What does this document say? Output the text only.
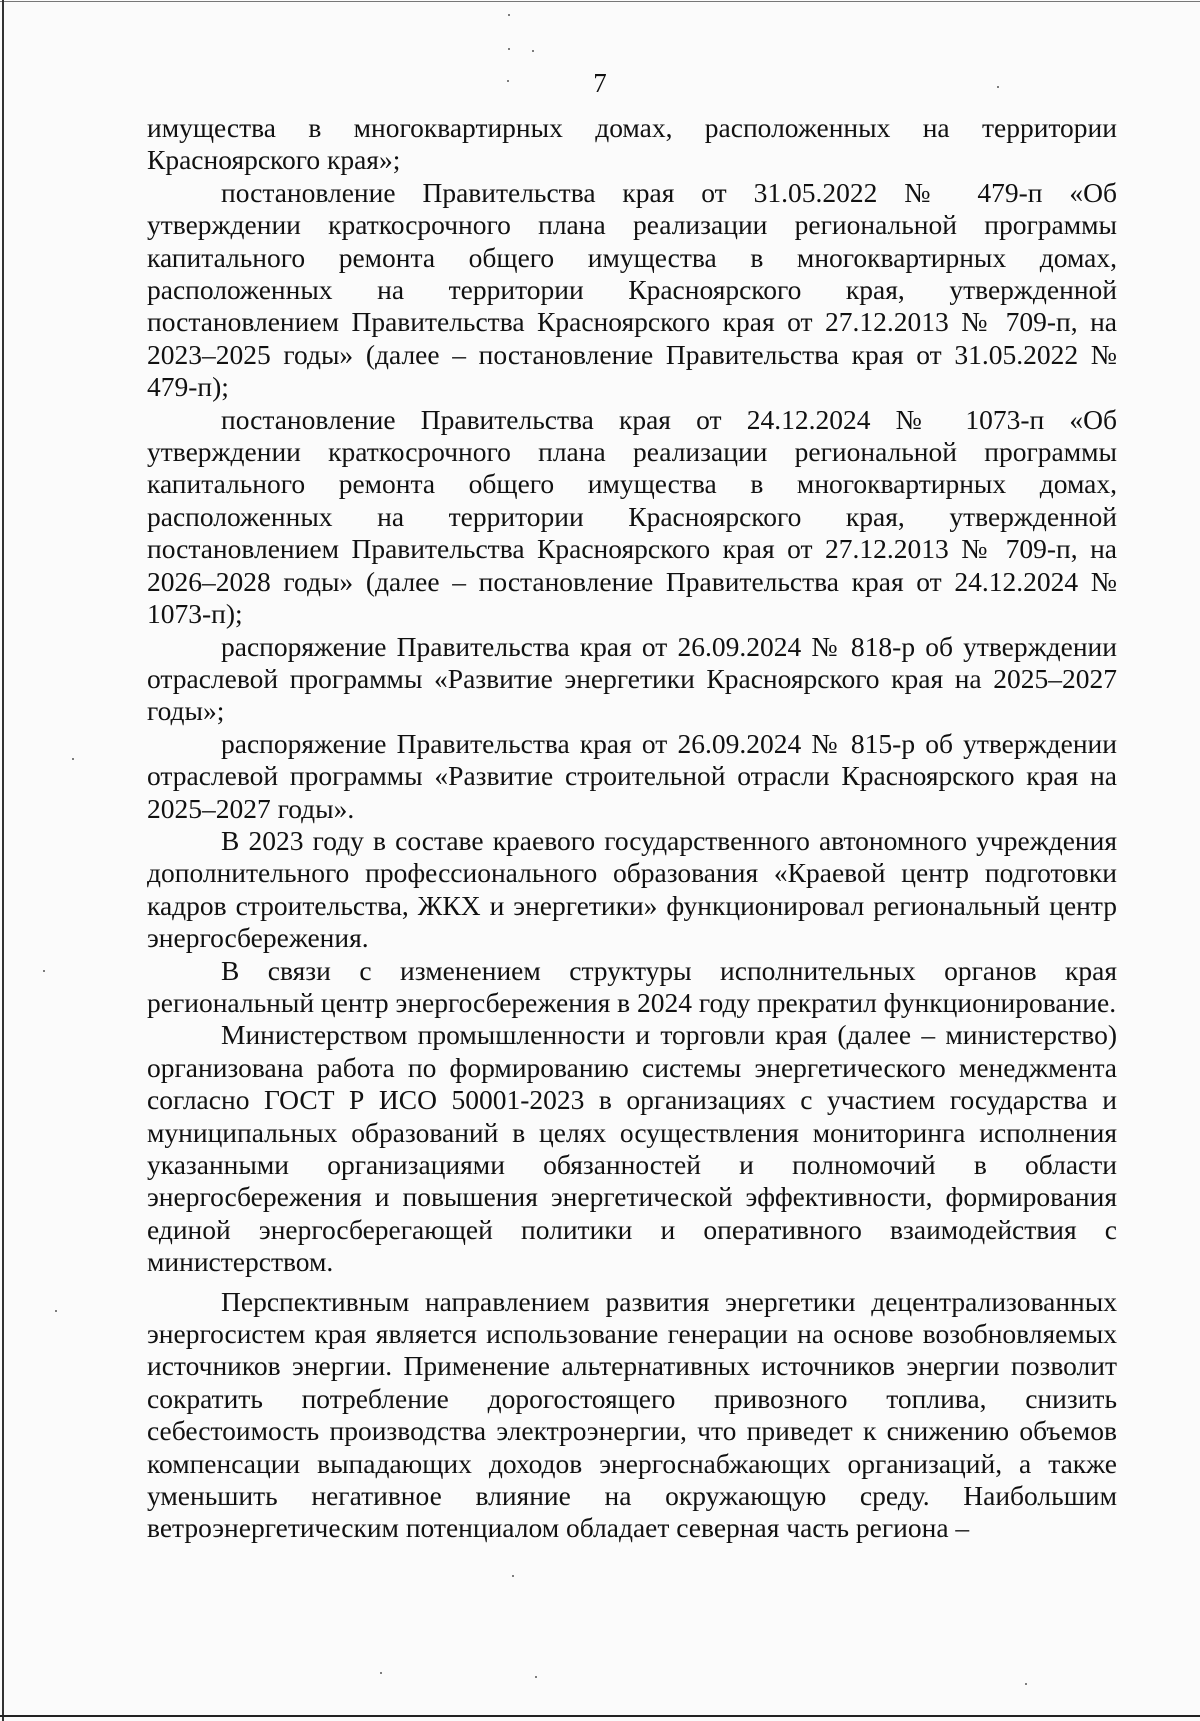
7

имущества в многоквартирных домах, расположенных на территории Красноярского края»;

постановление Правительства края от 31.05.2022 № 479-п «Об утверждении краткосрочного плана реализации региональной программы капитального ремонта общего имущества в многоквартирных домах, расположенных на территории Красноярского края, утвержденной постановлением Правительства Красноярского края от 27.12.2013 № 709-п, на 2023–2025 годы» (далее – постановление Правительства края от 31.05.2022 № 479-п);

постановление Правительства края от 24.12.2024 № 1073-п «Об утверждении краткосрочного плана реализации региональной программы капитального ремонта общего имущества в многоквартирных домах, расположенных на территории Красноярского края, утвержденной постановлением Правительства Красноярского края от 27.12.2013 № 709-п, на 2026–2028 годы» (далее – постановление Правительства края от 24.12.2024 № 1073-п);

распоряжение Правительства края от 26.09.2024 № 818-р об утверждении отраслевой программы «Развитие энергетики Красноярского края на 2025–2027 годы»;

распоряжение Правительства края от 26.09.2024 № 815-р об утверждении отраслевой программы «Развитие строительной отрасли Красноярского края на 2025–2027 годы».

В 2023 году в составе краевого государственного автономного учреждения дополнительного профессионального образования «Краевой центр подготовки кадров строительства, ЖКХ и энергетики» функционировал региональный центр энергосбережения.

В связи с изменением структуры исполнительных органов края региональный центр энергосбережения в 2024 году прекратил функционирование.

Министерством промышленности и торговли края (далее – министерство) организована работа по формированию системы энергетического менеджмента согласно ГОСТ Р ИСО 50001-2023 в организациях с участием государства и муниципальных образований в целях осуществления мониторинга исполнения указанными организациями обязанностей и полномочий в области энергосбережения и повышения энергетической эффективности, формирования единой энергосберегающей политики и оперативного взаимодействия с министерством.

Перспективным направлением развития энергетики децентрализованных энергосистем края является использование генерации на основе возобновляемых источников энергии. Применение альтернативных источников энергии позволит сократить потребление дорогостоящего привозного топлива, снизить себестоимость производства электроэнергии, что приведет к снижению объемов компенсации выпадающих доходов энергоснабжающих организаций, а также уменьшить негативное влияние на окружающую среду. Наибольшим ветроэнергетическим потенциалом обладает северная часть региона –
